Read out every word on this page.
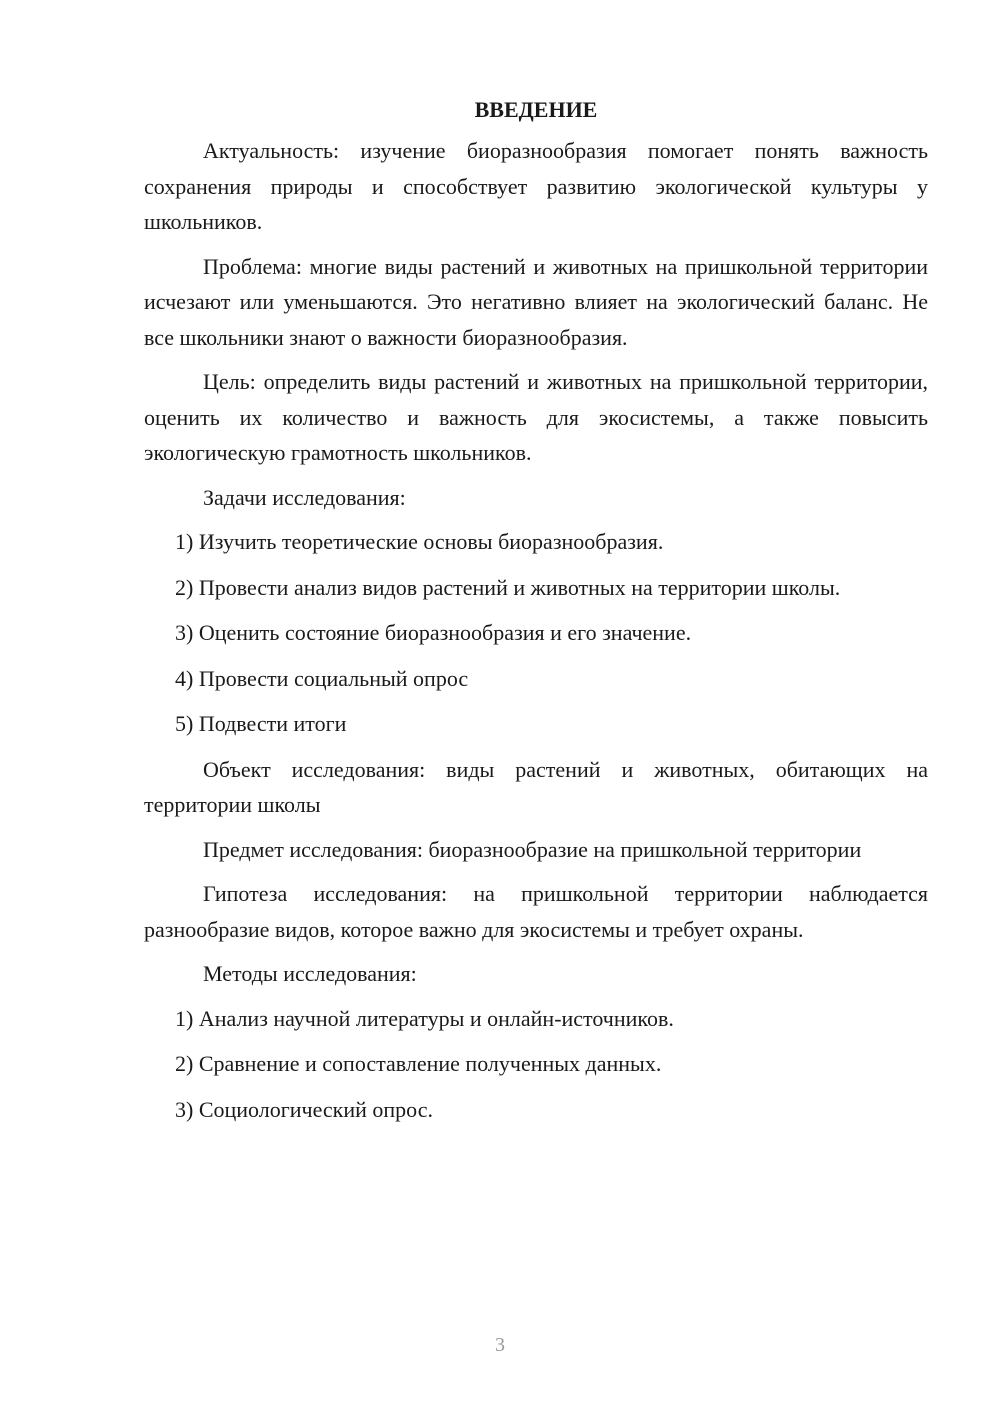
ВВЕДЕНИЕ

Актуальность: изучение биоразнообразия помогает понять важность сохранения природы и способствует развитию экологической культуры у школьников.

Проблема: многие виды растений и животных на пришкольной территории исчезают или уменьшаются. Это негативно влияет на экологический баланс. Не все школьники знают о важности биоразнообразия.

Цель: определить виды растений и животных на пришкольной территории, оценить их количество и важность для экосистемы, а также повысить экологическую грамотность школьников.

Задачи исследования:

1) Изучить теоретические основы биоразнообразия.

2) Провести анализ видов растений и животных на территории школы.

3) Оценить состояние биоразнообразия и его значение.

4) Провести социальный опрос

5) Подвести итоги

Объект исследования: виды растений и животных, обитающих на территории школы

Предмет исследования: биоразнообразие на пришкольной территории

Гипотеза исследования: на пришкольной территории наблюдается разнообразие видов, которое важно для экосистемы и требует охраны.

Методы исследования:

1) Анализ научной литературы и онлайн-источников.

2) Сравнение и сопоставление полученных данных.

3) Социологический опрос.

3
